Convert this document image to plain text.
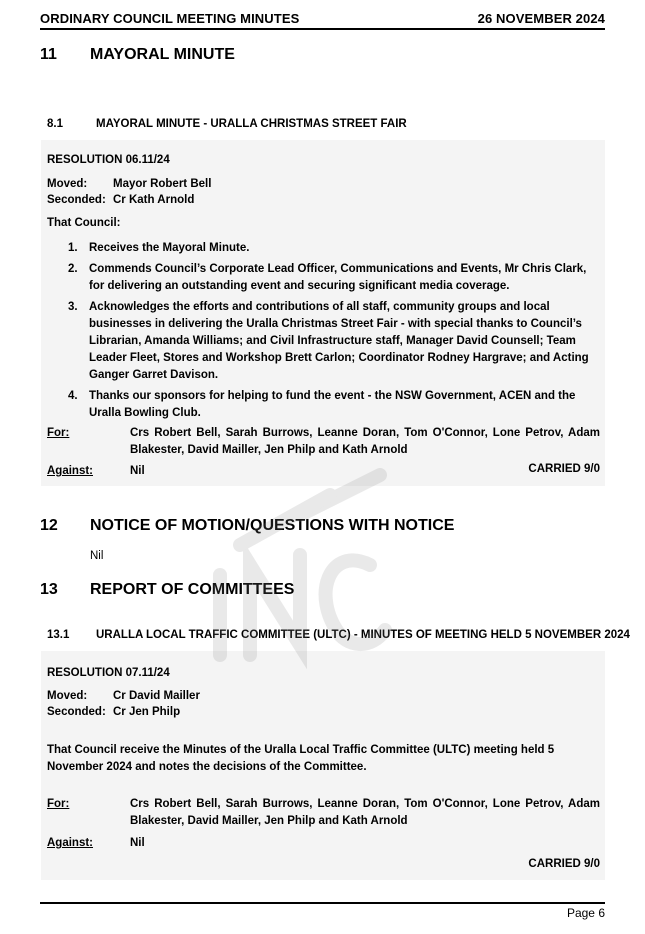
ORDINARY COUNCIL MEETING MINUTES	26 NOVEMBER 2024
11	MAYORAL MINUTE
8.1	MAYORAL MINUTE - URALLA CHRISTMAS STREET FAIR
RESOLUTION 06.11/24
Moved:	Mayor Robert Bell
Seconded: Cr Kath Arnold
That Council:
1. Receives the Mayoral Minute.
2. Commends Council’s Corporate Lead Officer, Communications and Events, Mr Chris Clark, for delivering an outstanding event and securing significant media coverage.
3. Acknowledges the efforts and contributions of all staff, community groups and local businesses in delivering the Uralla Christmas Street Fair - with special thanks to Council’s Librarian, Amanda Williams; and Civil Infrastructure staff, Manager David Counsell; Team Leader Fleet, Stores and Workshop Brett Carlon; Coordinator Rodney Hargrave; and Acting Ganger Garret Davison.
4. Thanks our sponsors for helping to fund the event - the NSW Government, ACEN and the Uralla Bowling Club.
For:	Crs Robert Bell, Sarah Burrows, Leanne Doran, Tom O'Connor, Lone Petrov, Adam Blakester, David Mailler, Jen Philp and Kath Arnold
Against:	Nil	CARRIED 9/0
12	NOTICE OF MOTION/QUESTIONS WITH NOTICE
Nil
13	REPORT OF COMMITTEES
13.1	URALLA LOCAL TRAFFIC COMMITTEE (ULTC) - MINUTES OF MEETING HELD 5 NOVEMBER 2024
RESOLUTION 07.11/24
Moved:	Cr David Mailler
Seconded: Cr Jen Philp
That Council receive the Minutes of the Uralla Local Traffic Committee (ULTC) meeting held 5 November 2024 and notes the decisions of the Committee.
For:	Crs Robert Bell, Sarah Burrows, Leanne Doran, Tom O'Connor, Lone Petrov, Adam Blakester, David Mailler, Jen Philp and Kath Arnold
Against:	Nil
CARRIED 9/0
Page 6
